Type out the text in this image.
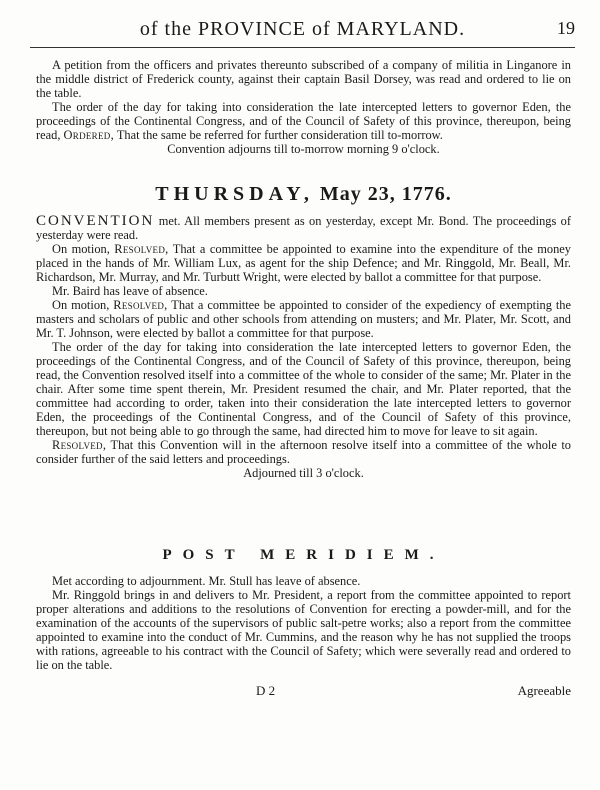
of the PROVINCE of MARYLAND.	19

A petition from the officers and privates thereunto subscribed of a company of militia in Linganore in the middle district of Frederick county, against their captain Basil Dorsey, was read and ordered to lie on the table.

The order of the day for taking into consideration the late intercepted letters to governor Eden, the proceedings of the Continental Congress, and of the Council of Safety of this province, thereupon, being read, Ordered, That the same be referred for further consideration till to-morrow.

Convention adjourns till to-morrow morning 9 o'clock.

THURSDAY, May 23, 1776.

CONVENTION met. All members present as on yesterday, except Mr. Bond. The proceedings of yesterday were read.

On motion, Resolved, That a committee be appointed to examine into the expenditure of the money placed in the hands of Mr. William Lux, as agent for the ship Defence; and Mr. Ringgold, Mr. Beall, Mr. Richardson, Mr. Murray, and Mr. Turbutt Wright, were elected by ballot a committee for that purpose.

Mr. Baird has leave of absence.

On motion, Resolved, That a committee be appointed to consider of the expediency of exempting the masters and scholars of public and other schools from attending on musters; and Mr. Plater, Mr. Scott, and Mr. T. Johnson, were elected by ballot a committee for that purpose.

The order of the day for taking into consideration the late intercepted letters to governor Eden, the proceedings of the Continental Congress, and of the Council of Safety of this province, thereupon, being read, the Convention resolved itself into a committee of the whole to consider of the same; Mr. Plater in the chair. After some time spent therein, Mr. President resumed the chair, and Mr. Plater reported, that the committee had according to order, taken into their consideration the late intercepted letters to governor Eden, the proceedings of the Continental Congress, and of the Council of Safety of this province, thereupon, but not being able to go through the same, had directed him to move for leave to sit again.

Resolved, That this Convention will in the afternoon resolve itself into a committee of the whole to consider further of the said letters and proceedings.

Adjourned till 3 o'clock.

POST MERIDIEM.

Met according to adjournment. Mr. Stull has leave of absence.

Mr. Ringgold brings in and delivers to Mr. President, a report from the committee appointed to report proper alterations and additions to the resolutions of Convention for erecting a powder-mill, and for the examination of the accounts of the supervisors of public salt-petre works; also a report from the committee appointed to examine into the conduct of Mr. Cummins, and the reason why he has not supplied the troops with rations, agreeable to his contract with the Council of Safety; which were severally read and ordered to lie on the table.

D 2	Agreeable
